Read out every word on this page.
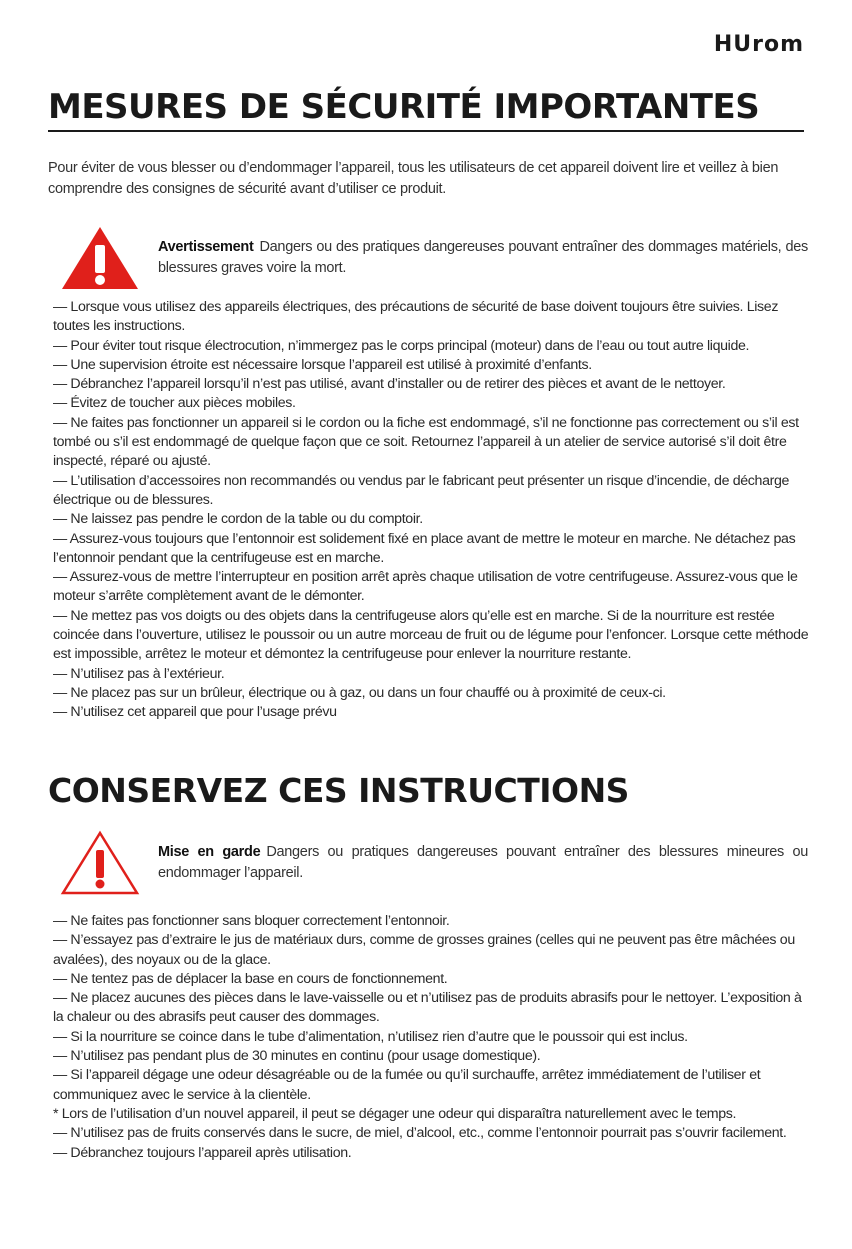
HUrom
MESURES DE SÉCURITÉ IMPORTANTES
Pour éviter de vous blesser ou d’endommager l’appareil, tous les utilisateurs de cet appareil doivent lire et veillez à bien comprendre des consignes de sécurité avant d’utiliser ce produit.
Avertissement Dangers ou des pratiques dangereuses pouvant entraîner des dommages matériels, des blessures graves voire la mort.
— Lorsque vous utilisez des appareils électriques, des précautions de sécurité de base doivent toujours être suivies. Lisez toutes les instructions.
— Pour éviter tout risque électrocution, n’immergez pas le corps principal (moteur) dans de l’eau ou tout autre liquide.
— Une supervision étroite est nécessaire lorsque l’appareil est utilisé à proximité d’enfants.
— Débranchez l’appareil lorsqu’il n’est pas utilisé, avant d’installer ou de retirer des pièces et avant de le nettoyer.
— Évitez de toucher aux pièces mobiles.
— Ne faites pas fonctionner un appareil si le cordon ou la fiche est endommagé, s’il ne fonctionne pas correctement ou s’il est tombé ou s’il est endommagé de quelque façon que ce soit. Retournez l’appareil à un atelier de service autorisé s’il doit être inspecté, réparé ou ajusté.
— L’utilisation d’accessoires non recommandés ou vendus par le fabricant peut présenter un risque d’incendie, de décharge électrique ou de blessures.
— Ne laissez pas pendre le cordon de la table ou du comptoir.
— Assurez-vous toujours que l’entonnoir est solidement fixé en place avant de mettre le moteur en marche. Ne détachez pas l’entonnoir pendant que la centrifugeuse est en marche.
— Assurez-vous de mettre l’interrupteur en position arrêt après chaque utilisation de votre centrifugeuse. Assurez-vous que le moteur s’arrête complètement avant de le démonter.
— Ne mettez pas vos doigts ou des objets dans la centrifugeuse alors qu’elle est en marche. Si de la nourriture est restée coincée dans l’ouverture, utilisez le poussoir ou un autre morceau de fruit ou de légume pour l’enfoncer. Lorsque cette méthode est impossible, arrêtez le moteur et démontez la centrifugeuse pour enlever la nourriture restante.
— N’utilisez pas à l’extérieur.
— Ne placez pas sur un brûleur, électrique ou à gaz, ou dans un four chauffé ou à proximité de ceux-ci.
— N’utilisez cet appareil que pour l’usage prévu
CONSERVEZ CES INSTRUCTIONS
Mise en garde Dangers ou pratiques dangereuses pouvant entraîner des blessures mineures ou endommager l’appareil.
— Ne faites pas fonctionner sans bloquer correctement l’entonnoir.
— N’essayez pas d’extraire le jus de matériaux durs, comme de grosses graines (celles qui ne peuvent pas être mâchées ou avalées), des noyaux ou de la glace.
— Ne tentez pas de déplacer la base en cours de fonctionnement.
— Ne placez aucunes des pièces dans le lave-vaisselle ou et n’utilisez pas de produits abrasifs pour le nettoyer. L’exposition à la chaleur ou des abrasifs peut causer des dommages.
— Si la nourriture se coince dans le tube d’alimentation, n’utilisez rien d’autre que le poussoir qui est inclus.
— N’utilisez pas pendant plus de 30 minutes en continu (pour usage domestique).
— Si l’appareil dégage une odeur désagréable ou de la fumée ou qu’il surchauffe, arrêtez immédiatement de l’utiliser et communiquez avec le service à la clientèle.
* Lors de l’utilisation d’un nouvel appareil, il peut se dégager une odeur qui disparaîtra naturellement avec le temps.
— N’utilisez pas de fruits conservés dans le sucre, de miel, d’alcool, etc., comme l’entonnoir pourrait pas s’ouvrir facilement.
— Débranchez toujours l’appareil après utilisation.
